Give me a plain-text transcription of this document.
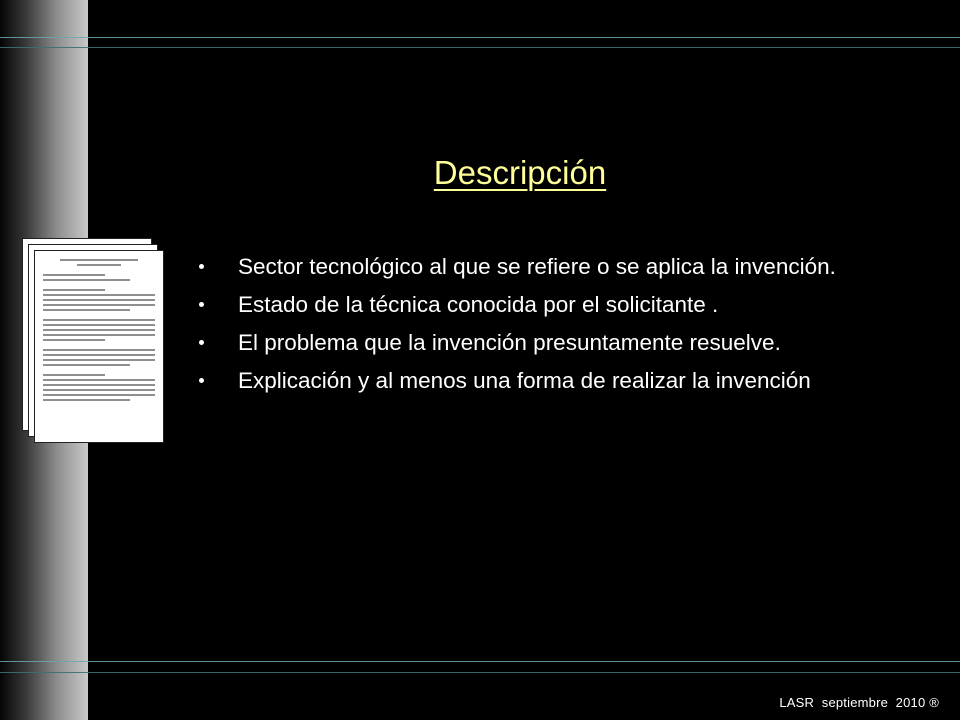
Descripción
Sector tecnológico al que se refiere o se aplica la invención.
Estado de la técnica conocida por el solicitante .
El problema que la invención presuntamente resuelve.
Explicación y al menos una forma de realizar la invención
LASR  septiembre  2010 ®
